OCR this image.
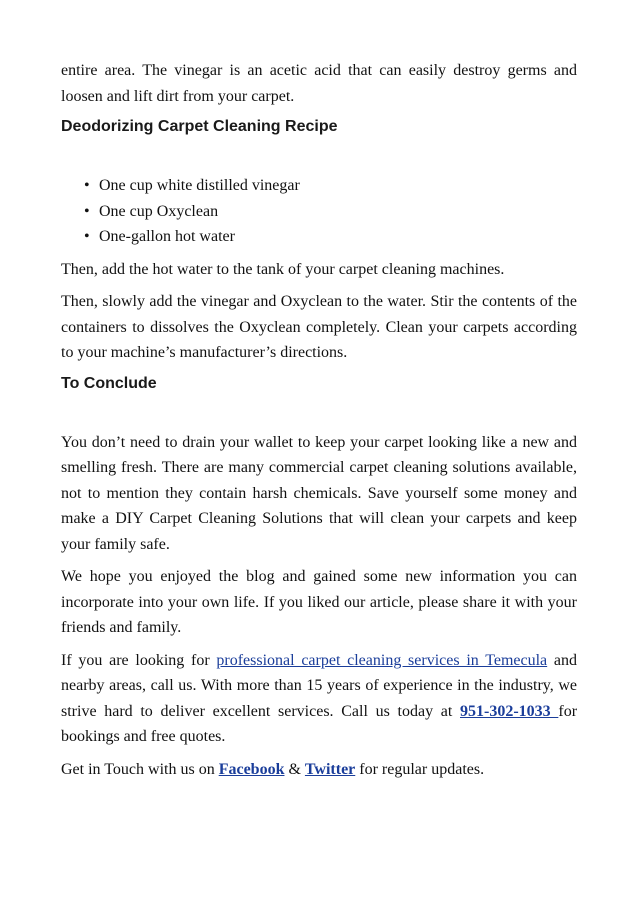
entire area. The vinegar is an acetic acid that can easily destroy germs and loosen and lift dirt from your carpet.

Deodorizing Carpet Cleaning Recipe
• One cup white distilled vinegar
• One cup Oxyclean
• One-gallon hot water

Then, add the hot water to the tank of your carpet cleaning machines.

Then, slowly add the vinegar and Oxyclean to the water. Stir the contents of the containers to dissolves the Oxyclean completely. Clean your carpets according to your machine’s manufacturer’s directions.

To Conclude

You don’t need to drain your wallet to keep your carpet looking like a new and smelling fresh. There are many commercial carpet cleaning solutions available, not to mention they contain harsh chemicals. Save yourself some money and make a DIY Carpet Cleaning Solutions that will clean your carpets and keep your family safe.

We hope you enjoyed the blog and gained some new information you can incorporate into your own life. If you liked our article, please share it with your friends and family.

If you are looking for professional carpet cleaning services in Temecula and nearby areas, call us. With more than 15 years of experience in the industry, we strive hard to deliver excellent services. Call us today at 951-302-1033 for bookings and free quotes.

Get in Touch with us on Facebook & Twitter for regular updates.
